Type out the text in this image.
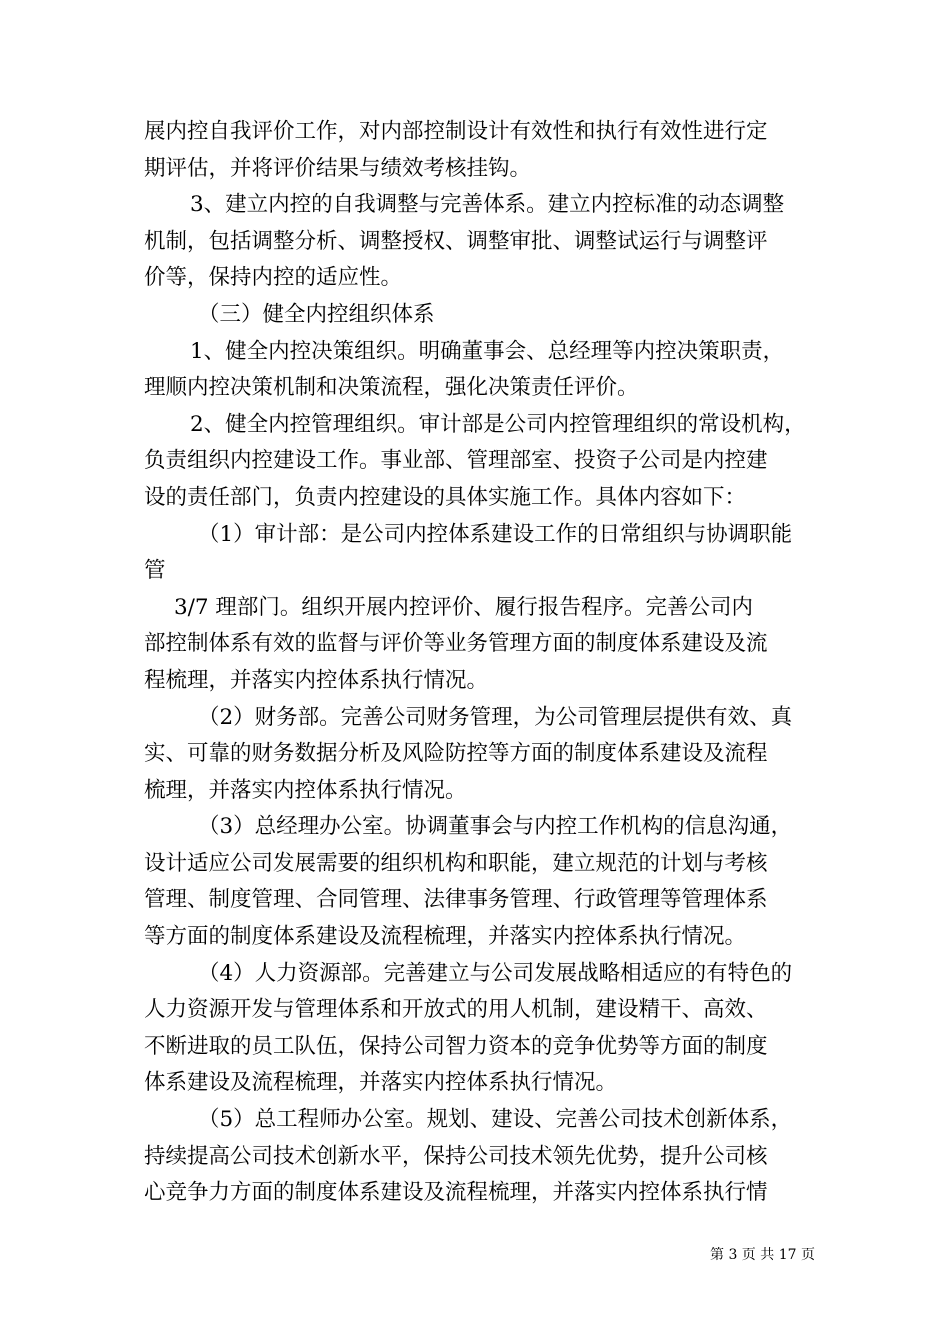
展内控自我评价工作，对内部控制设计有效性和执行有效性进行定
期评估，并将评价结果与绩效考核挂钩。
3、建立内控的自我调整与完善体系。建立内控标准的动态调整
机制，包括调整分析、调整授权、调整审批、调整试运行与调整评
价等，保持内控的适应性。
（三）健全内控组织体系
1、健全内控决策组织。明确董事会、总经理等内控决策职责，
理顺内控决策机制和决策流程，强化决策责任评价。
2、健全内控管理组织。审计部是公司内控管理组织的常设机构，
负责组织内控建设工作。事业部、管理部室、投资子公司是内控建
设的责任部门，负责内控建设的具体实施工作。具体内容如下：
（1）审计部：是公司内控体系建设工作的日常组织与协调职能
管
3/7 理部门。组织开展内控评价、履行报告程序。完善公司内
部控制体系有效的监督与评价等业务管理方面的制度体系建设及流
程梳理，并落实内控体系执行情况。
（2）财务部。完善公司财务管理，为公司管理层提供有效、真
实、可靠的财务数据分析及风险防控等方面的制度体系建设及流程
梳理，并落实内控体系执行情况。
（3）总经理办公室。协调董事会与内控工作机构的信息沟通，
设计适应公司发展需要的组织机构和职能，建立规范的计划与考核
管理、制度管理、合同管理、法律事务管理、行政管理等管理体系
等方面的制度体系建设及流程梳理，并落实内控体系执行情况。
（4）人力资源部。完善建立与公司发展战略相适应的有特色的
人力资源开发与管理体系和开放式的用人机制，建设精干、高效、
不断进取的员工队伍，保持公司智力资本的竞争优势等方面的制度
体系建设及流程梳理，并落实内控体系执行情况。
（5）总工程师办公室。规划、建设、完善公司技术创新体系，
持续提高公司技术创新水平，保持公司技术领先优势，提升公司核
心竞争力方面的制度体系建设及流程梳理，并落实内控体系执行情
第 3 页 共 17 页
